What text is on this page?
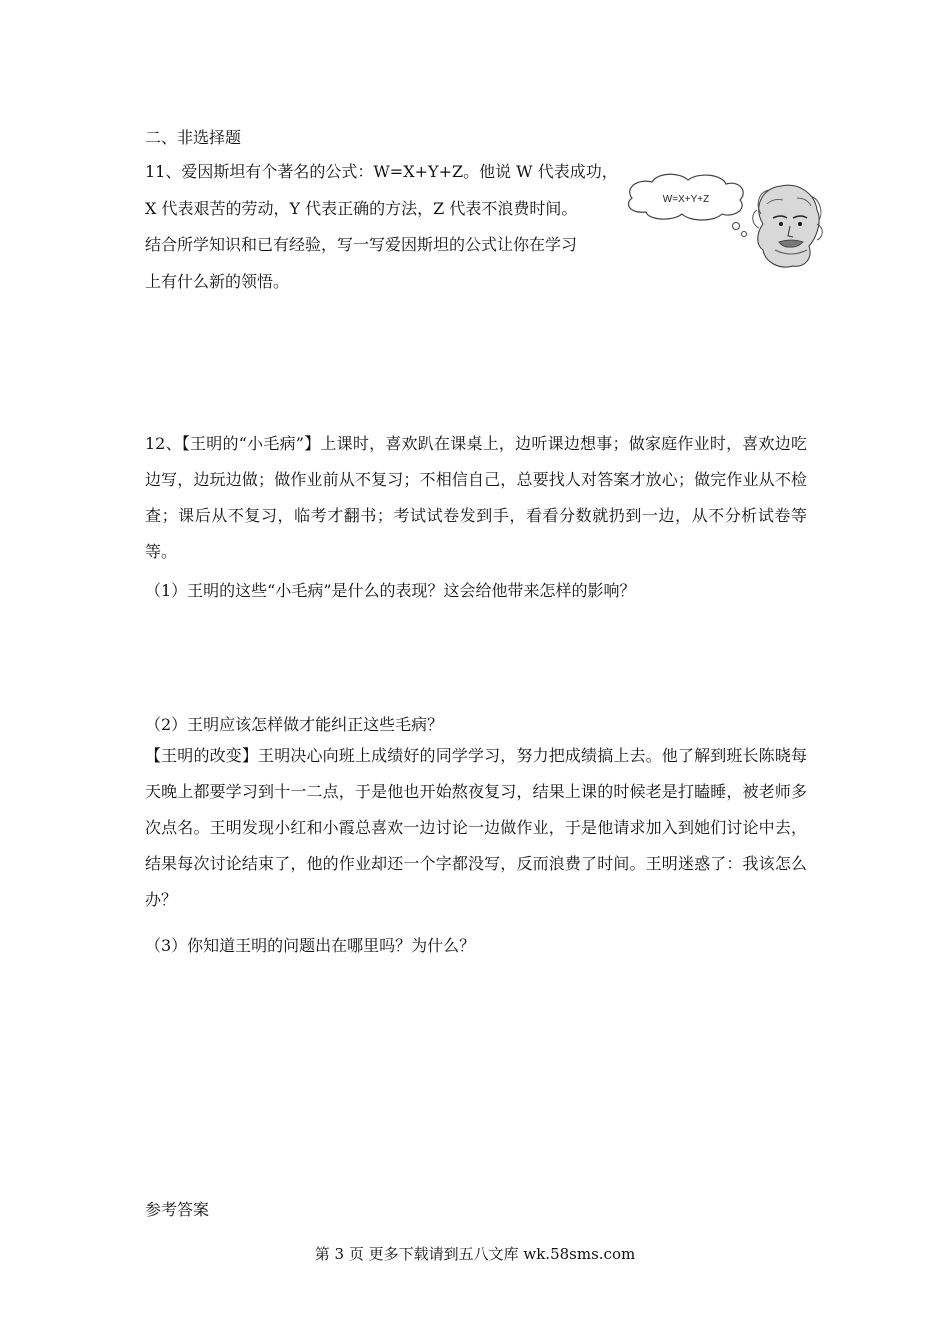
二、非选择题
11、爱因斯坦有个著名的公式：W=X+Y+Z。他说 W 代表成功，
X 代表艰苦的劳动，Y 代表正确的方法，Z 代表不浪费时间。
结合所学知识和已有经验，写一写爱因斯坦的公式让你在学习
上有什么新的领悟。
W=X+Y+Z
12、【王明的“小毛病”】上课时，喜欢趴在课桌上，边听课边想事；做家庭作业时，喜欢边吃边写，边玩边做；做作业前从不复习；不相信自己，总要找人对答案才放心；做完作业从不检查；课后从不复习，临考才翻书；考试试卷发到手，看看分数就扔到一边，从不分析试卷等等。
（1）王明的这些“小毛病”是什么的表现？这会给他带来怎样的影响？
（2）王明应该怎样做才能纠正这些毛病？
【王明的改变】王明决心向班上成绩好的同学学习，努力把成绩搞上去。他了解到班长陈晓每天晚上都要学习到十一二点，于是他也开始熬夜复习，结果上课的时候老是打瞌睡，被老师多次点名。王明发现小红和小霞总喜欢一边讨论一边做作业，于是他请求加入到她们讨论中去，结果每次讨论结束了，他的作业却还一个字都没写，反而浪费了时间。王明迷惑了：我该怎么办？
（3）你知道王明的问题出在哪里吗？为什么？
参考答案
第 3 页 更多下载请到五八文库 wk.58sms.com
